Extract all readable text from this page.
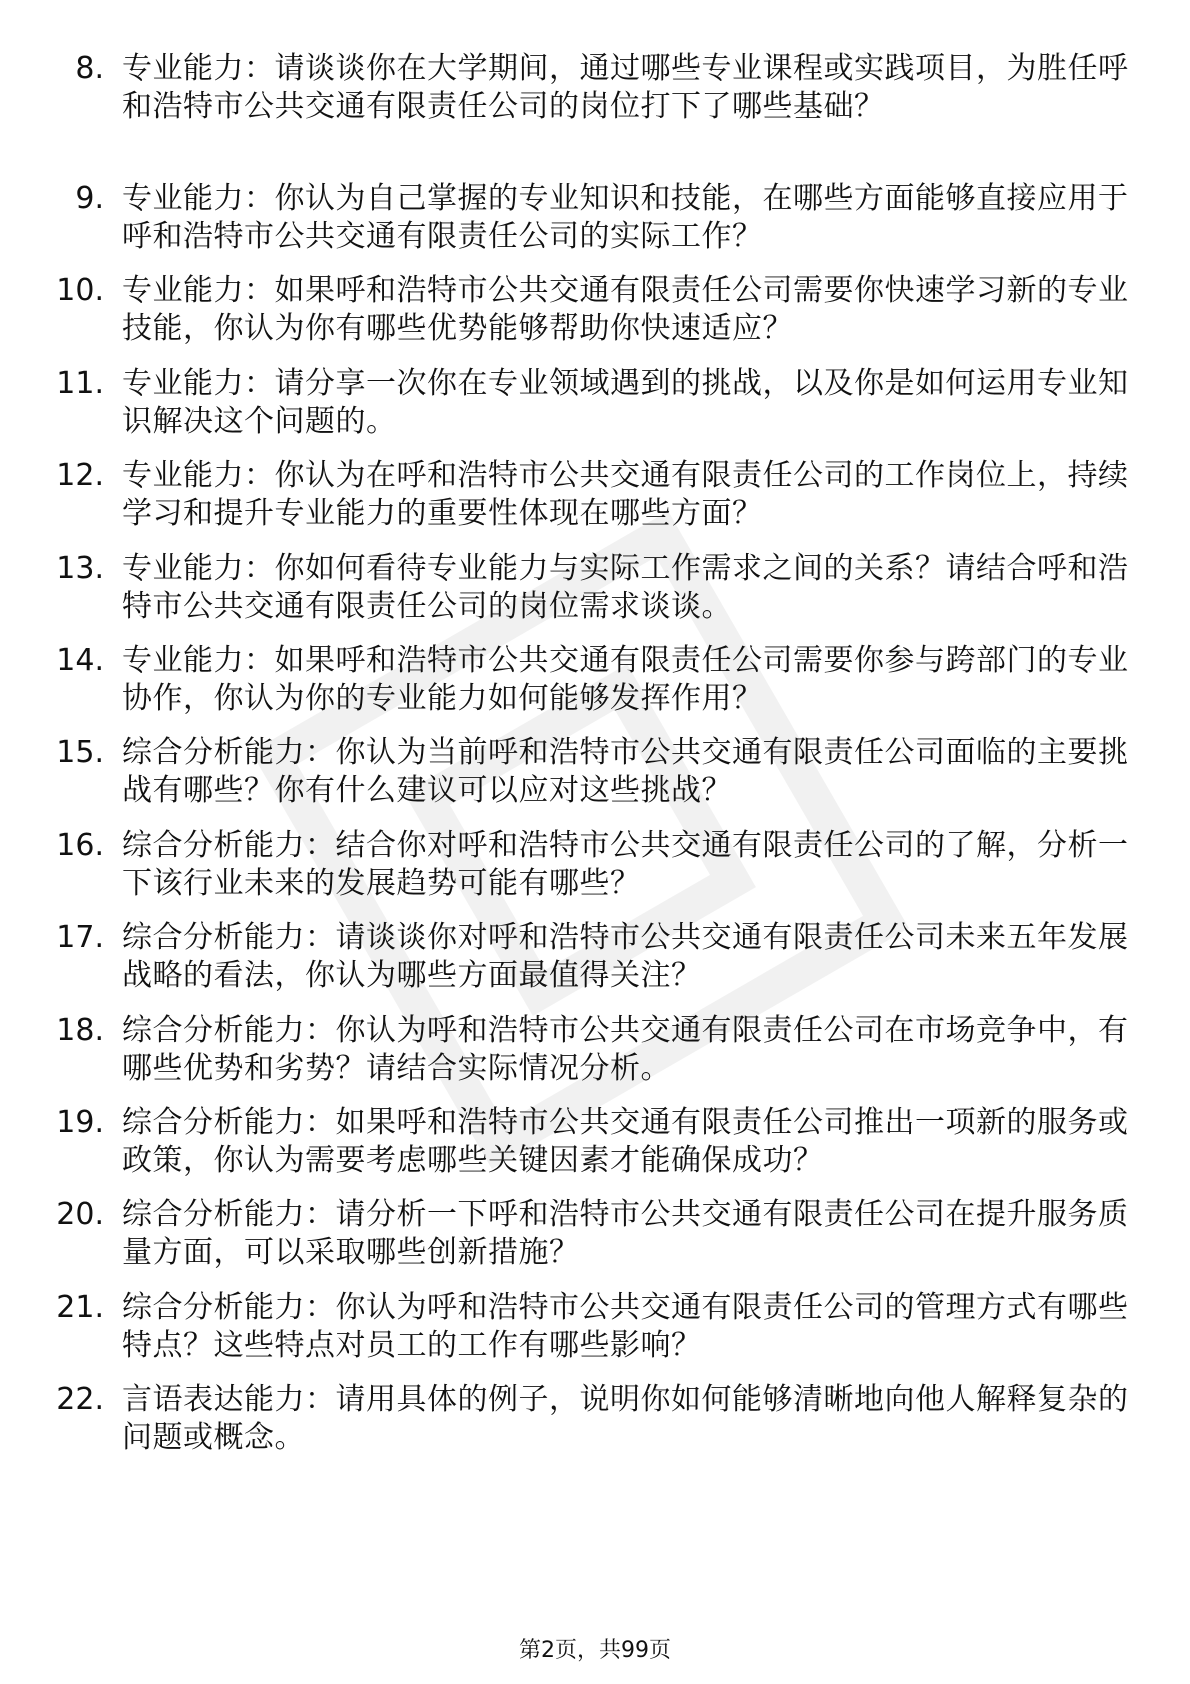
8. 专业能力：请谈谈你在大学期间，通过哪些专业课程或实践项目，为胜任呼和浩特市公共交通有限责任公司的岗位打下了哪些基础？
9. 专业能力：你认为自己掌握的专业知识和技能，在哪些方面能够直接应用于呼和浩特市公共交通有限责任公司的实际工作？
10. 专业能力：如果呼和浩特市公共交通有限责任公司需要你快速学习新的专业技能，你认为你有哪些优势能够帮助你快速适应？
11. 专业能力：请分享一次你在专业领域遇到的挑战，以及你是如何运用专业知识解决这个问题的。
12. 专业能力：你认为在呼和浩特市公共交通有限责任公司的工作岗位上，持续学习和提升专业能力的重要性体现在哪些方面？
13. 专业能力：你如何看待专业能力与实际工作需求之间的关系？请结合呼和浩特市公共交通有限责任公司的岗位需求谈谈。
14. 专业能力：如果呼和浩特市公共交通有限责任公司需要你参与跨部门的专业协作，你认为你的专业能力如何能够发挥作用？
15. 综合分析能力：你认为当前呼和浩特市公共交通有限责任公司面临的主要挑战有哪些？你有什么建议可以应对这些挑战？
16. 综合分析能力：结合你对呼和浩特市公共交通有限责任公司的了解，分析一下该行业未来的发展趋势可能有哪些？
17. 综合分析能力：请谈谈你对呼和浩特市公共交通有限责任公司未来五年发展战略的看法，你认为哪些方面最值得关注？
18. 综合分析能力：你认为呼和浩特市公共交通有限责任公司在市场竞争中，有哪些优势和劣势？请结合实际情况分析。
19. 综合分析能力：如果呼和浩特市公共交通有限责任公司推出一项新的服务或政策，你认为需要考虑哪些关键因素才能确保成功？
20. 综合分析能力：请分析一下呼和浩特市公共交通有限责任公司在提升服务质量方面，可以采取哪些创新措施？
21. 综合分析能力：你认为呼和浩特市公共交通有限责任公司的管理方式有哪些特点？这些特点对员工的工作有哪些影响？
22. 言语表达能力：请用具体的例子，说明你如何能够清晰地向他人解释复杂的问题或概念。
第2页，共99页
